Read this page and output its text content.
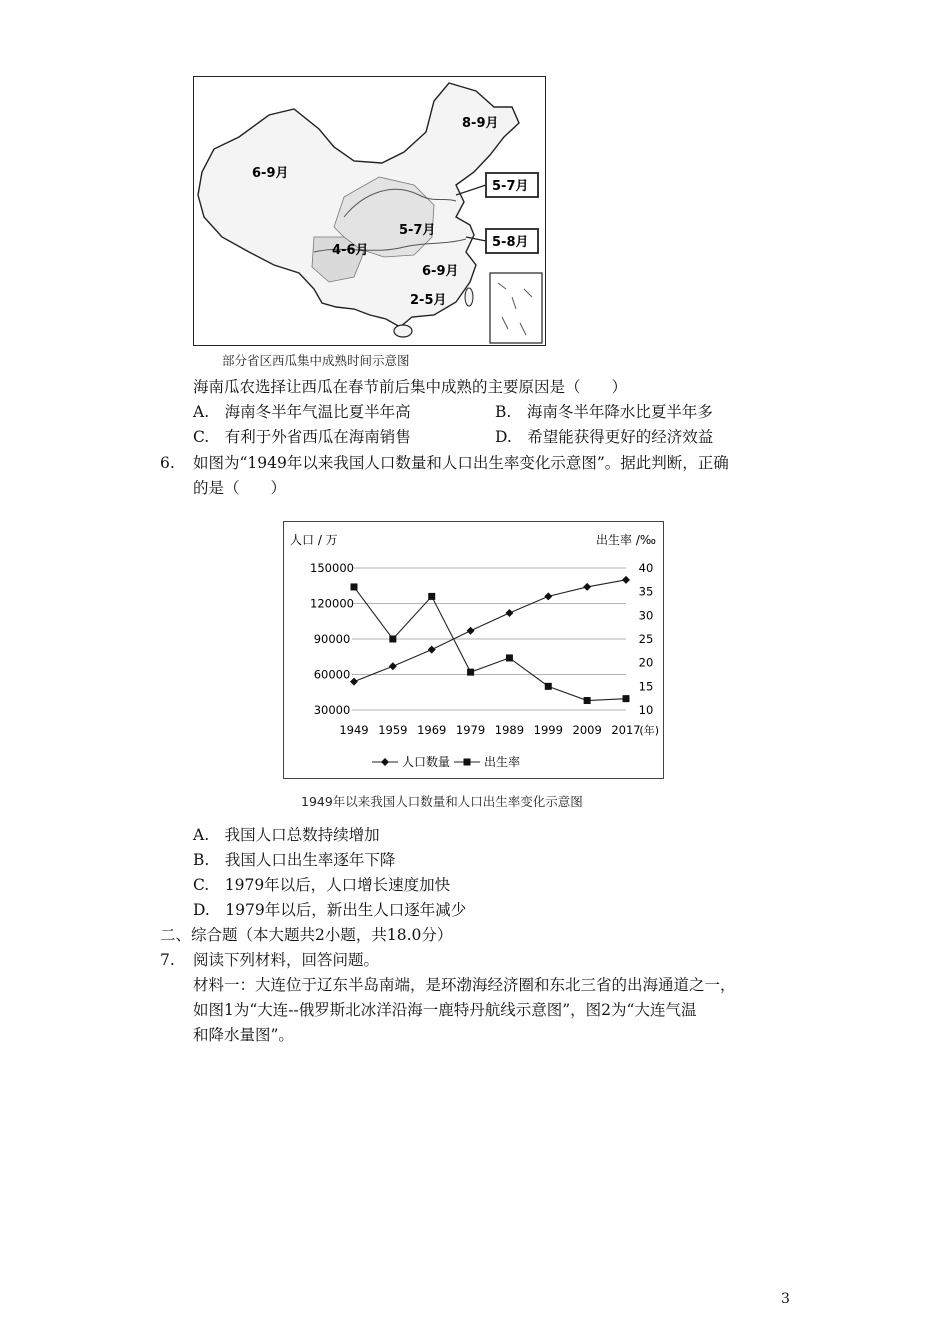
8-9月
6-9月
5-7月
5-7月
5-8月
4-6月
6-9月
2-5月
部分省区西瓜集中成熟时间示意图
海南瓜农选择让西瓜在春节前后集中成熟的主要原因是（　　）
A.　海南冬半年气温比夏半年高	B.　海南冬半年降水比夏半年多
C.　有利于外省西瓜在海南销售	D.　希望能获得更好的经济效益
6. 如图为“1949年以来我国人口数量和人口出生率变化示意图”。据此判断，正确
的是（　　）
人口 / 万	出生率 /‰
(年)
150000
120000
90000
60000
30000
40
35
30
25
20
15
10
1949 1959 1969 1979 1989 1999 2009 2017
人口数量	出生率
1949年以来我国人口数量和人口出生率变化示意图
A.　我国人口总数持续增加
B.　我国人口出生率逐年下降
C.　1979年以后，人口增长速度加快
D.　1979年以后，新出生人口逐年减少
二、综合题（本大题共2小题，共18.0分）
7. 阅读下列材料，回答问题。
材料一：大连位于辽东半岛南端，是环渤海经济圈和东北三省的出海通道之一，
如图1为“大连--俄罗斯北冰洋沿海一鹿特丹航线示意图”，图2为“大连气温
和降水量图”。
3
